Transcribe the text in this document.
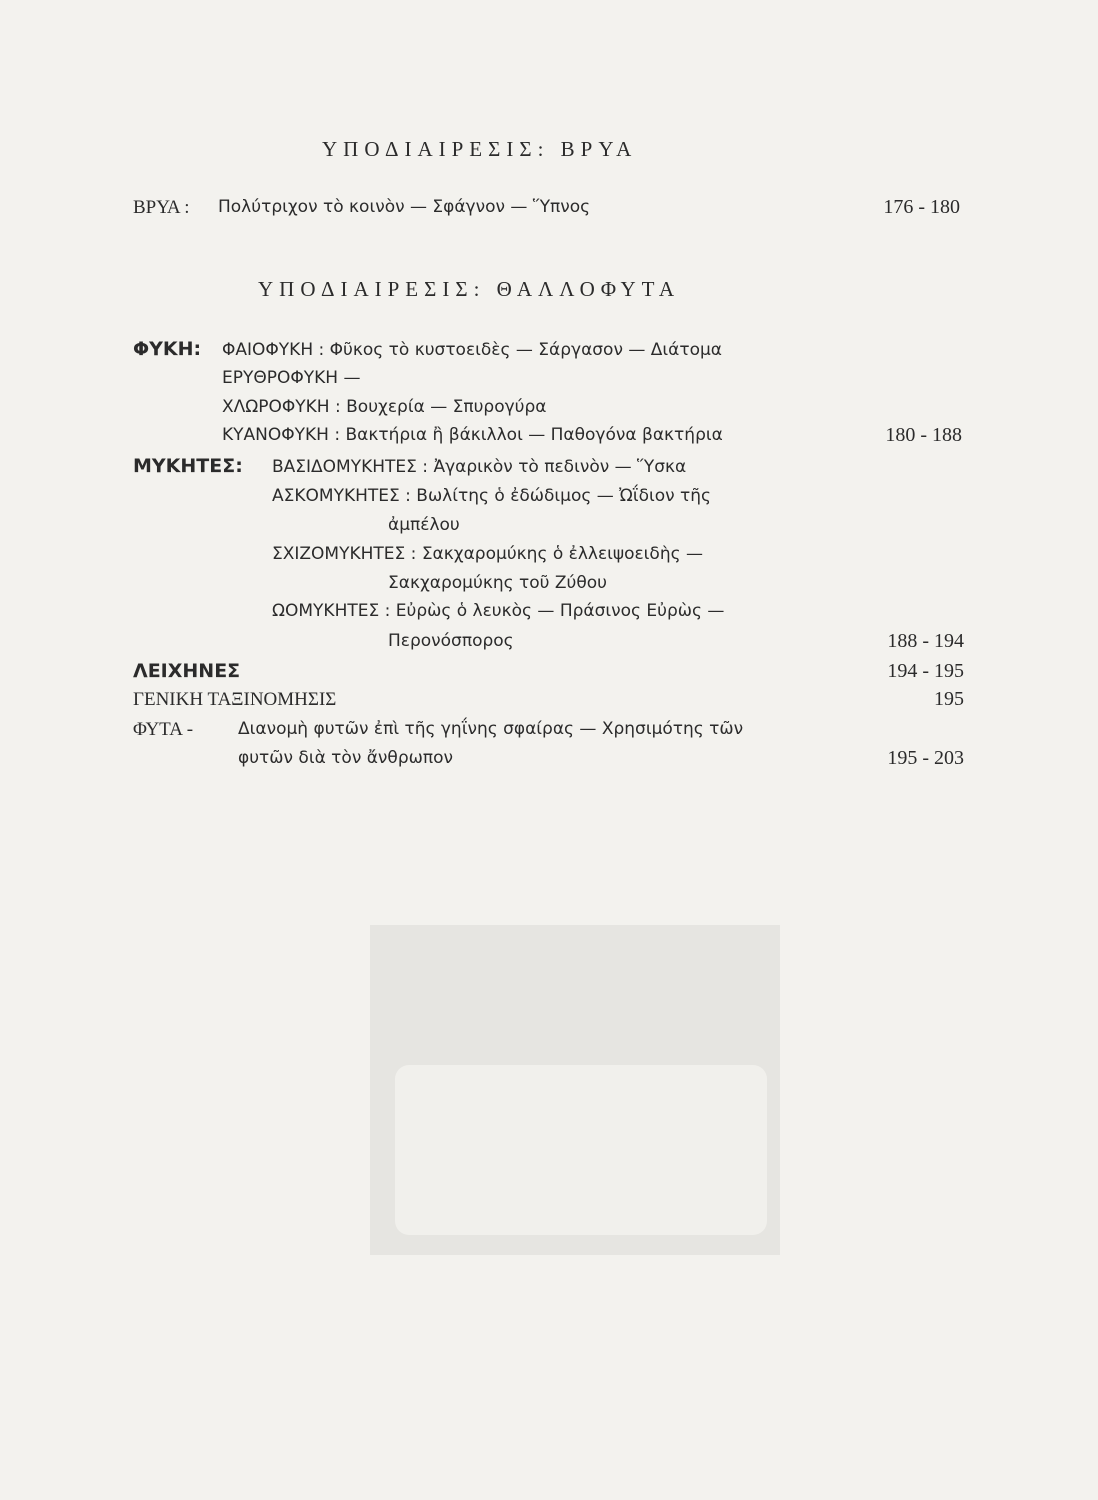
ΥΠΟΔΙΑΙΡΕΣΙΣ: ΒΡΥΑ
ΒΡΥΑ : Πολύτριχον τὸ κοινὸν — Σφάγνον — Ὕπνος	176 - 180
ΥΠΟΔΙΑΙΡΕΣΙΣ: ΘΑΛΛΟΦΥΤΑ
ΦΥΚΗ: ΦΑΙΟΦΥΚΗ : Φῦκος τὸ κυστοειδὲς — Σάργασον — Διάτομα
ΕΡΥΘΡΟΦΥΚΗ —
ΧΛΩΡΟΦΥΚΗ : Βουχερία — Σπυρογύρα
ΚΥΑΝΟΦΥΚΗ : Βακτήρια ἢ βάκιλλοι — Παθογόνα βακτήρια	180 - 188
ΜΥΚΗΤΕΣ: ΒΑΣΙΔΟΜΥΚΗΤΕΣ : Ἀγαρικὸν τὸ πεδινὸν — Ὕσκα
ΑΣΚΟΜΥΚΗΤΕΣ : Βωλίτης ὁ ἐδώδιμος — Ὠΐδιον τῆς
ἀμπέλου
ΣΧΙΖΟΜΥΚΗΤΕΣ : Σακχαρομύκης ὁ ἐλλειψοειδὴς —
Σακχαρομύκης τοῦ Ζύθου
ΩΟΜΥΚΗΤΕΣ : Εὐρὼς ὁ λευκὸς — Πράσινος Εὐρὼς —
Περονόσπορος	188 - 194
ΛΕΙΧΗΝΕΣ	194 - 195
ΓΕΝΙΚΗ ΤΑΞΙΝΟΜΗΣΙΣ	195
ΦΥΤΑ -	Διανομὴ φυτῶν ἐπὶ τῆς γηΐνης σφαίρας — Χρησιμότης τῶν
φυτῶν διὰ τὸν ἄνθρωπον	195 - 203
